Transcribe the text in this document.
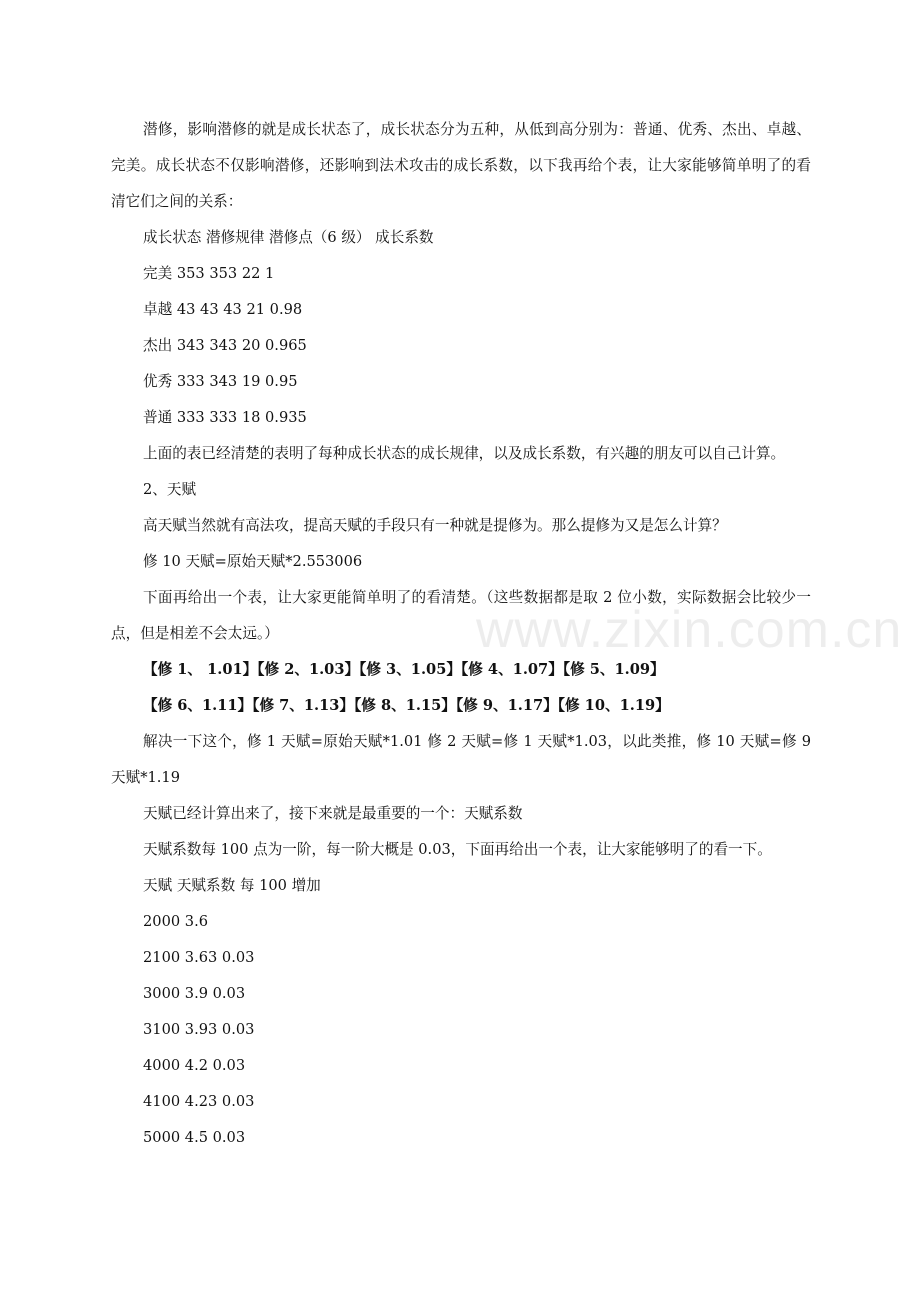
www.zixin.com.cn

潜修，影响潜修的就是成长状态了，成长状态分为五种，从低到高分别为：普通、优秀、杰出、卓越、完美。成长状态不仅影响潜修，还影响到法术攻击的成长系数，以下我再给个表，让大家能够简单明了的看清它们之间的关系：

成长状态 潜修规律 潜修点（6 级） 成长系数

完美 353 353 22 1

卓越 43 43 43 21 0.98

杰出 343 343 20 0.965

优秀 333 343 19 0.95

普通 333 333 18 0.935

上面的表已经清楚的表明了每种成长状态的成长规律，以及成长系数，有兴趣的朋友可以自己计算。

2、天赋

高天赋当然就有高法攻，提高天赋的手段只有一种就是提修为。那么提修为又是怎么计算？

修 10 天赋=原始天赋*2.553006

下面再给出一个表，让大家更能简单明了的看清楚。（这些数据都是取 2 位小数，实际数据会比较少一点，但是相差不会太远。）

【修 1、 1.01】【修 2、1.03】【修 3、1.05】【修 4、1.07】【修 5、1.09】

【修 6、1.11】【修 7、1.13】【修 8、1.15】【修 9、1.17】【修 10、1.19】

解决一下这个，修 1 天赋=原始天赋*1.01 修 2 天赋=修 1 天赋*1.03，以此类推，修 10 天赋=修 9 天赋*1.19

天赋已经计算出来了，接下来就是最重要的一个：天赋系数

天赋系数每 100 点为一阶，每一阶大概是 0.03，下面再给出一个表，让大家能够明了的看一下。

天赋 天赋系数 每 100 增加

2000 3.6

2100 3.63 0.03

3000 3.9 0.03

3100 3.93 0.03

4000 4.2 0.03

4100 4.23 0.03

5000 4.5 0.03
